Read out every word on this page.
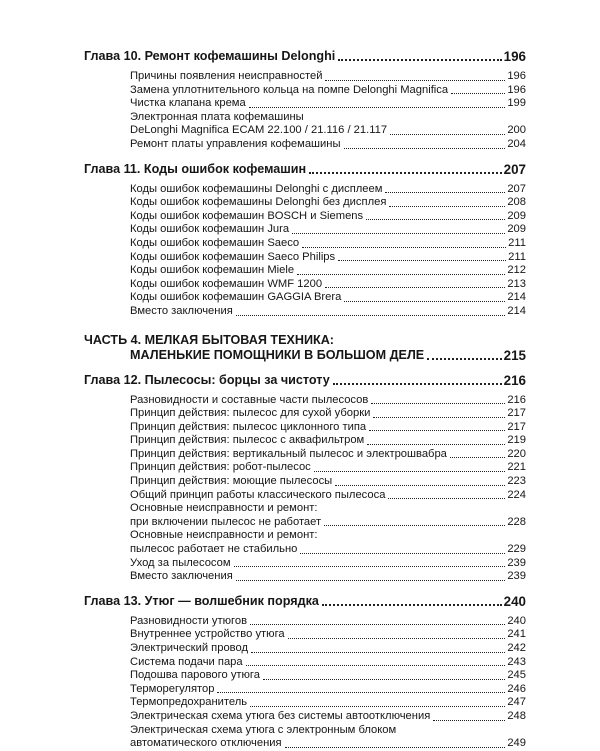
Глава 10. Ремонт кофемашины Delonghi	196
Причины появления неисправностей	196
Замена уплотнительного кольца на помпе Delonghi Magnifica	196
Чистка клапана крема	199
Электронная плата кофемашины
DeLonghi Magnifica ECAM 22.100 / 21.116 / 21.117	200
Ремонт платы управления кофемашины	204
Глава 11. Коды ошибок кофемашин	207
Коды ошибок кофемашины Delonghi с дисплеем	207
Коды ошибок кофемашины Delonghi без дисплея	208
Коды ошибок кофемашин BOSCH и Siemens	209
Коды ошибок кофемашин Jura	209
Коды ошибок кофемашин Saeco	211
Коды ошибок кофемашин Saeco Philips	211
Коды ошибок кофемашин Miele	212
Коды ошибок кофемашин WMF 1200	213
Коды ошибок кофемашин GAGGIA Brera	214
Вместо заключения	214
ЧАСТЬ 4. МЕЛКАЯ БЫТОВАЯ ТЕХНИКА:
МАЛЕНЬКИЕ ПОМОЩНИКИ В БОЛЬШОМ ДЕЛЕ	215
Глава 12. Пылесосы: борцы за чистоту	216
Разновидности и составные части пылесосов	216
Принцип действия: пылесос для сухой уборки	217
Принцип действия: пылесос циклонного типа	217
Принцип действия: пылесос с аквафильтром	219
Принцип действия: вертикальный пылесос и электрошвабра	220
Принцип действия: робот-пылесос	221
Принцип действия: моющие пылесосы	223
Общий принцип работы классического пылесоса	224
Основные неисправности и ремонт:
при включении пылесос не работает	228
Основные неисправности и ремонт:
пылесос работает не стабильно	229
Уход за пылесосом	239
Вместо заключения	239
Глава 13. Утюг — волшебник порядка	240
Разновидности утюгов	240
Внутреннее устройство утюга	241
Электрический провод	242
Система подачи пара	243
Подошва парового утюга	245
Терморегулятор	246
Термопредохранитель	247
Электрическая схема утюга без системы автоотключения	248
Электрическая схема утюга с электронным блоком
автоматического отключения	249
